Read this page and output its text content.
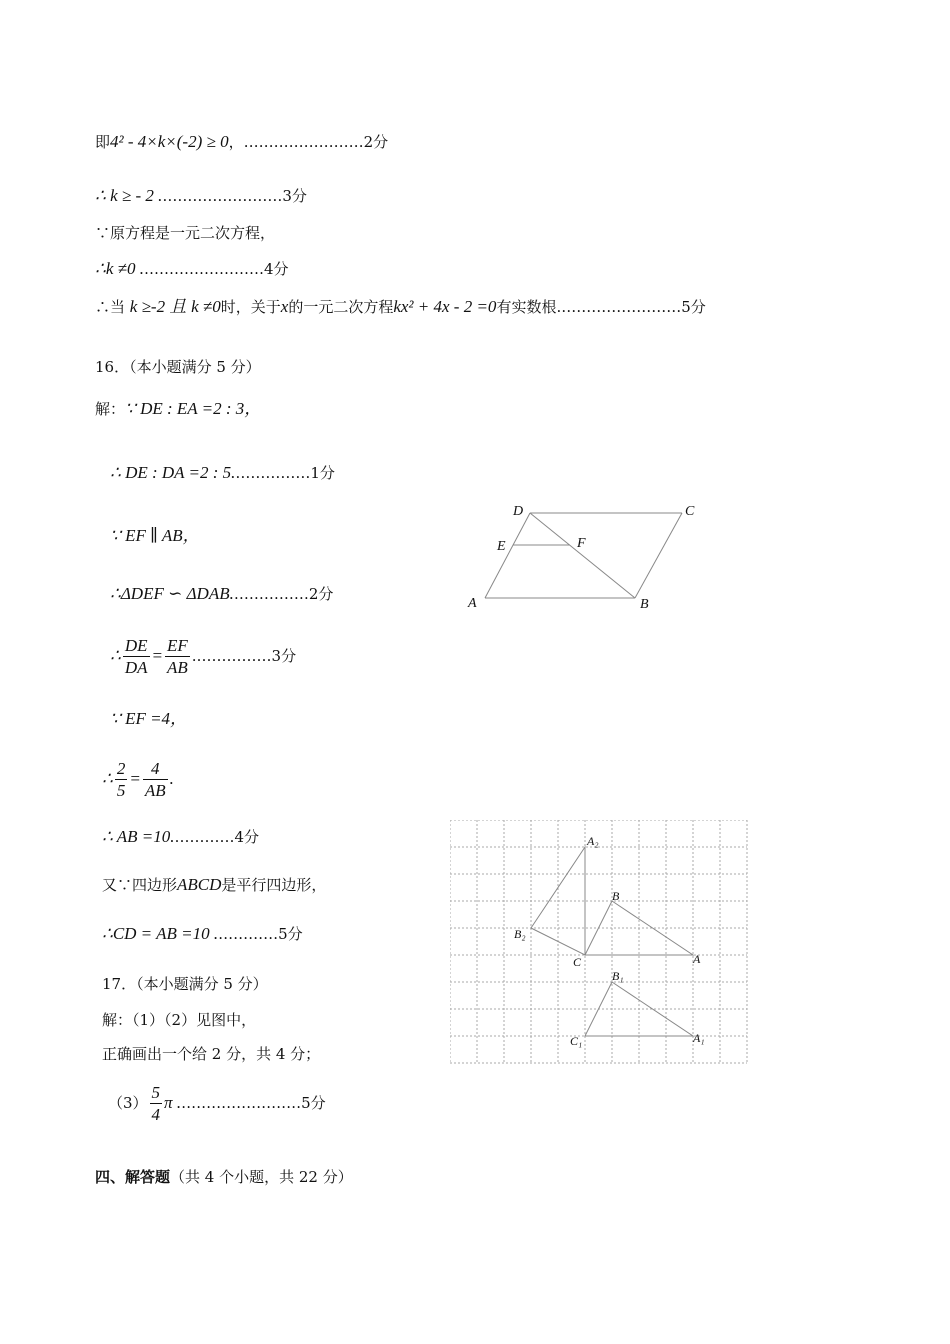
即4² - 4×k×(-2) ≥ 0，……………………2分
∴ k ≥ - 2 .……………………3分
∵原方程是一元二次方程，
∴k ≠0 .……………………4分
∴当 k ≥-2 且 k ≠0时，关于x的一元二次方程kx² + 4x - 2 =0有实数根.……………………5分
16．（本小题满分 5 分）
解：∵ DE : EA =2 : 3，
∴ DE : DA =2 : 5.……………1分
∵ EF ∥ AB，
∴ΔDEF ∽ ΔDAB.……………2分
∴ $\frac{DE}{DA} = \frac{EF}{AB}$ .……………3分
∵ EF =4，
∴ $\frac{2}{5} = \frac{4}{AB}$ .
∴ AB =10.…………4分
又∵四边形ABCD是平行四边形，
∴CD = AB =10 .…………5分
D	C
E	F
A	B
17．（本小题满分 5 分）
解：（1）（2）见图中，
正确画出一个给 2 分，共 4 分；
$(3) \frac{5}{4}$ π .……………………5分
A₂
B
B₂
C	A
B₁
C₁	A₁
四、解答题（共 4 个小题，共 22 分）
